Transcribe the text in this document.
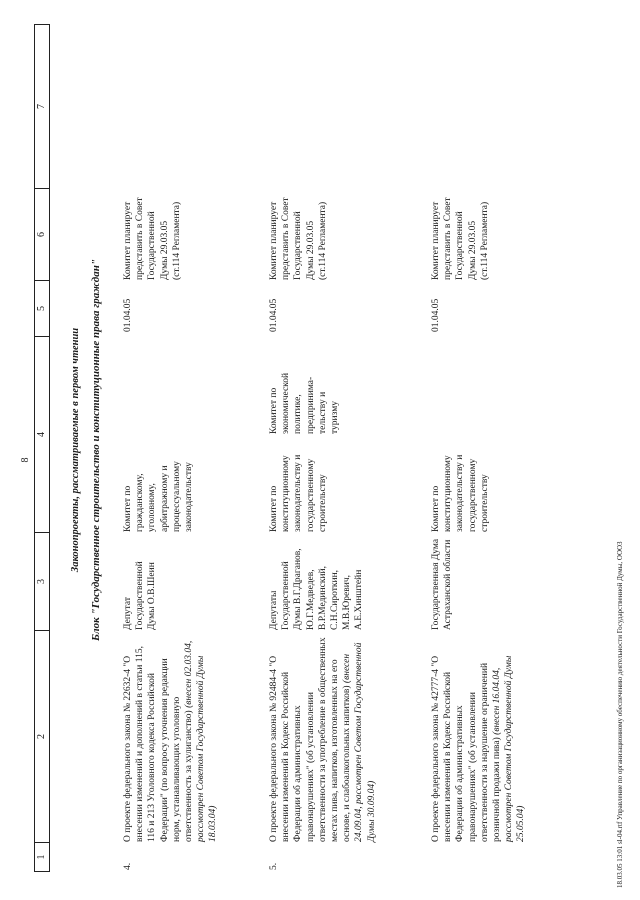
8
1
2
3
4
5
6
7
Законопроекты, рассматриваемые в первом чтении Блок "Государственное строительство и конституционные права граждан"
4.
О проекте федерального закона № 22632-4 "О внесении изменений и дополнений в статьи 115, 116 и 213 Уголовного кодекса Российской Федерации" (по вопросу уточнения редакции норм, устанавливающих уголовную ответственность за хулиганство) (внесен 02.03.04, рассмотрен Советом Государственной Думы 18.03.04)
Депутат Государственной Думы О.В.Шеин
Комитет по гражданскому, уголовному, арбитражному и процессуальному законодательству
01.04.05
Комитет планирует представить в Совет Государственной Думы 29.03.05 (ст.114 Регламента)
5.
О проекте федерального закона № 92484-4 "О внесении изменений в Кодекс Российской Федерации об административных правонарушениях" (об установлении ответственности за употребление в общественных местах пива, напитков, изготовленных на его основе, и слабоалкогольных напитков) (внесен 24.09.04, рассмотрен Советом Государственной Думы 30.09.04)
Депутаты Государственной Думы В.Г.Драганов, Ю.Г.Медведев, В.Р.Мединский, С.Н.Сироткин, М.В.Юревич, А.Е.Хинштейн
Комитет по конституционному законодательству и государственному строительству
Комитет по экономической политике, предпринима-тельству и туризму
01.04.05
Комитет планирует представить в Совет Государственной Думы 29.03.05 (ст.114 Регламента)
О проекте федерального закона № 42777-4 "О внесении изменений в Кодекс Российской Федерации об административных правонарушениях" (об установлении ответственности за нарушение ограничений розничной продажи пива) (внесен 16.04.04, рассмотрен Советом Государственной Думы 25.05.04)
Государственная Дума Астраханской области
Комитет по конституционному законодательству и государственному строительству
01.04.05
Комитет планирует представить в Совет Государственной Думы 29.03.05 (ст.114 Регламента)
18.03.05 13:01 sl-04.rtf Управление по организационному обеспечению деятельности Государственной Думы, ОООЗ
